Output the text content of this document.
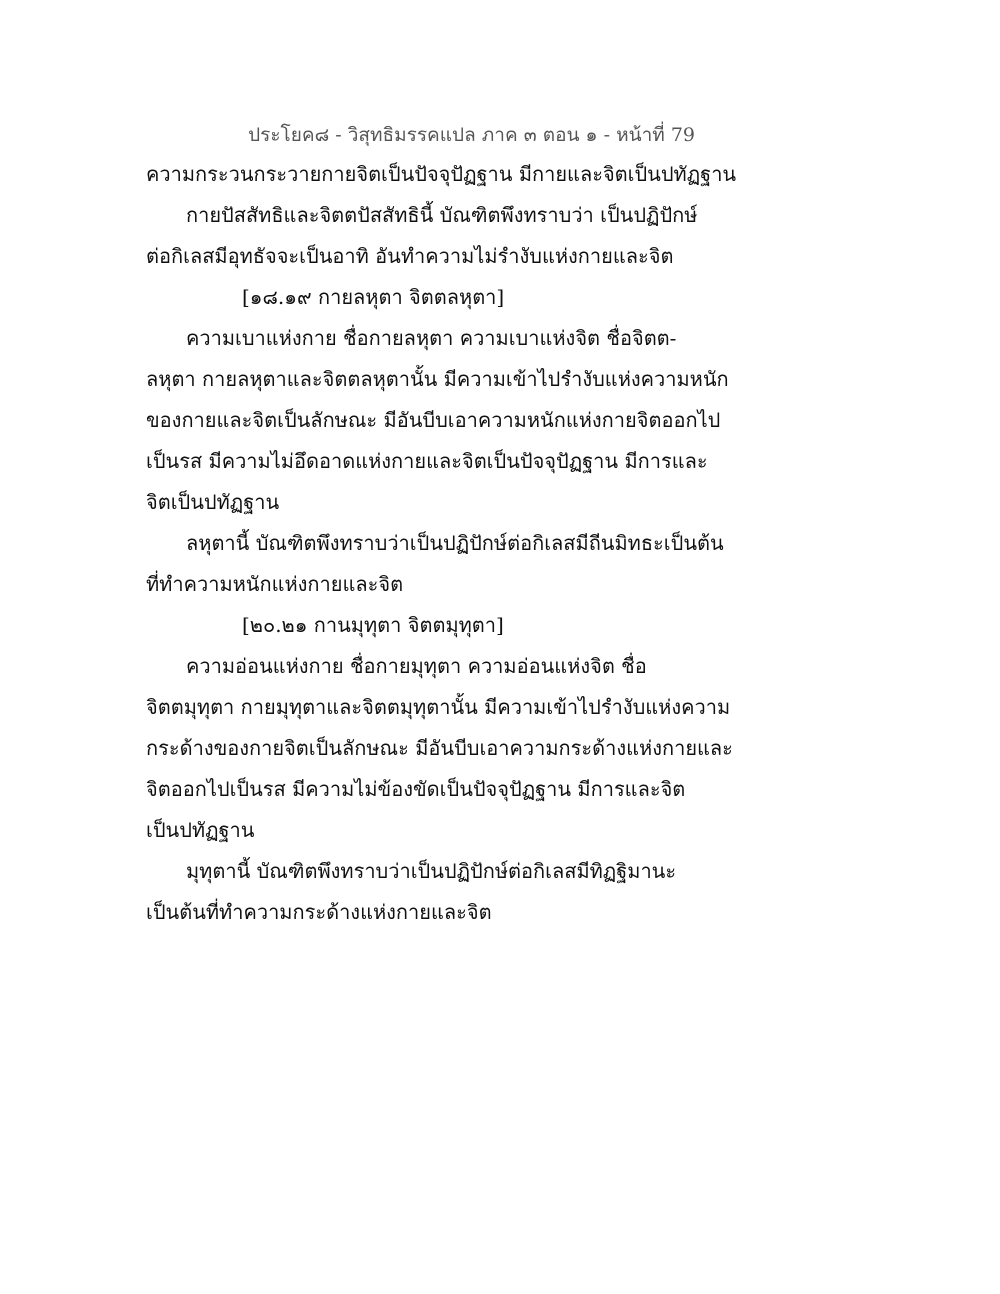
ประโยค๘ - วิสุทธิมรรคแปล ภาค ๓ ตอน ๑ - หน้าที่ 79
ความกระวนกระวายกายจิตเป็นปัจจุปัฏฐาน มีกายและจิตเป็นปทัฏฐาน
กายปัสสัทธิและจิตตปัสสัทธินี้ บัณฑิตพึงทราบว่า เป็นปฏิปักษ์
ต่อกิเลสมีอุทธัจจะเป็นอาทิ อันทำความไม่รำงับแห่งกายและจิต
[๑๘.๑๙ กายลหุตา จิตตลหุตา]
ความเบาแห่งกาย ชื่อกายลหุตา ความเบาแห่งจิต ชื่อจิตต-
ลหุตา กายลหุตาและจิตตลหุตานั้น มีความเข้าไปรำงับแห่งความหนัก
ของกายและจิตเป็นลักษณะ มีอันบีบเอาความหนักแห่งกายจิตออกไป
เป็นรส มีความไม่อึดอาดแห่งกายและจิตเป็นปัจจุปัฏฐาน มีการและ
จิตเป็นปทัฏฐาน
ลหุตานี้ บัณฑิตพึงทราบว่าเป็นปฏิปักษ์ต่อกิเลสมีถีนมิทธะเป็นต้น
ที่ทำความหนักแห่งกายและจิต
[๒๐.๒๑ กานมุทุตา จิตตมุทุตา]
ความอ่อนแห่งกาย ชื่อกายมุทุตา ความอ่อนแห่งจิต ชื่อ
จิตตมุทุตา กายมุทุตาและจิตตมุทุตานั้น มีความเข้าไปรำงับแห่งความ
กระด้างของกายจิตเป็นลักษณะ มีอันบีบเอาความกระด้างแห่งกายและ
จิตออกไปเป็นรส มีความไม่ข้องขัดเป็นปัจจุปัฏฐาน มีการและจิต
เป็นปทัฏฐาน
มุทุตานี้ บัณฑิตพึงทราบว่าเป็นปฏิปักษ์ต่อกิเลสมีทิฏฐิมานะ
เป็นต้นที่ทำความกระด้างแห่งกายและจิต
